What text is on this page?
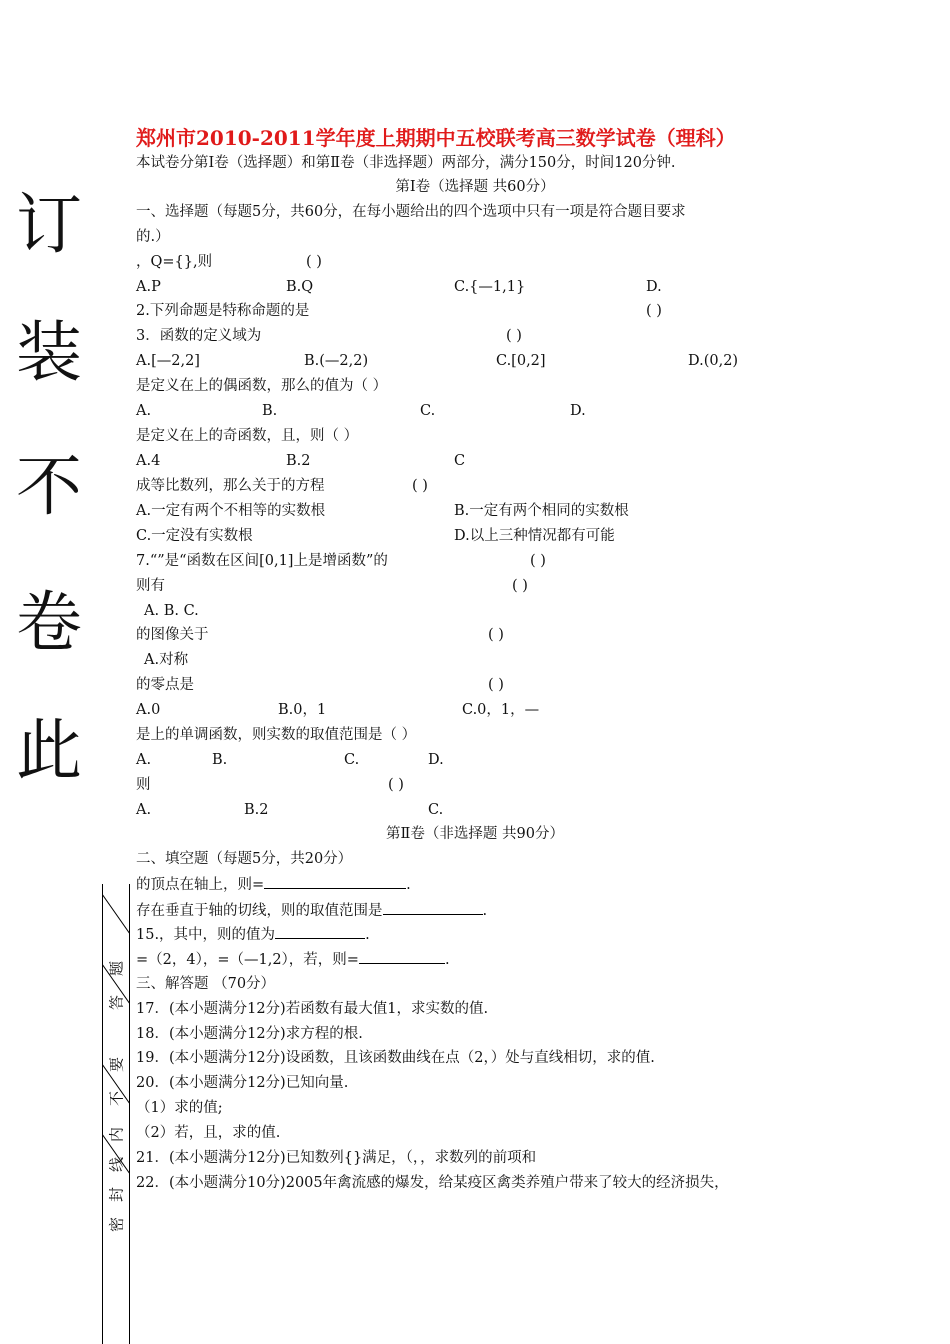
订
装
不
卷
此
题
答
要
不
内
线
封
密
郑州市2010-2011学年度上期期中五校联考高三数学试卷（理科）
本试卷分第Ⅰ卷（选择题）和第Ⅱ卷（非选择题）两部分，满分150分，时间120分钟.
第Ⅰ卷（选择题 共60分）
一、选择题（每题5分，共60分，在每小题给出的四个选项中只有一项是符合题目要求
的.）
，Q={},则	( )
A.P	B.Q	C.{—1,1}	D.
2.下列命题是特称命题的是	( )
3．函数的定义域为	( )
A.[—2,2]	B.(—2,2)	C.[0,2]	D.(0,2)
是定义在上的偶函数，那么的值为（ ）
A.	B.	C.	D.
是定义在上的奇函数，且，则（ ）
A.4	B.2	C
成等比数列，那么关于的方程	( )
A.一定有两个不相等的实数根	B.一定有两个相同的实数根
C.一定没有实数根	D.以上三种情况都有可能
7.“”是“函数在区间[0,1]上是增函数”的	( )
则有	( )
A. B. C.
的图像关于	( )
A.对称
的零点是	( )
A.0	B.0，1	C.0，1，—
是上的单调函数，则实数的取值范围是（ ）
A.	B.	C.	D.
则	( )
A.	B.2	C.
第Ⅱ卷（非选择题 共90分）
二、填空题（每题5分，共20分）
的顶点在轴上，则=	.
存在垂直于轴的切线，则的取值范围是	.
15.，其中，则的值为	.
=（2，4），=（—1,2），若，则=	.
三、解答题 （70分）
17．(本小题满分12分)若函数有最大值1，求实数的值.
18．(本小题满分12分)求方程的根.
19．(本小题满分12分)设函数，且该函数曲线在点（2，）处与直线相切，求的值.
20．(本小题满分12分)已知向量.
（1）求的值;
（2）若，且，求的值.
21．(本小题满分12分)已知数列{}满足，（，，求数列的前项和
22．(本小题满分10分)2005年禽流感的爆发，给某疫区禽类养殖户带来了较大的经济损失，
